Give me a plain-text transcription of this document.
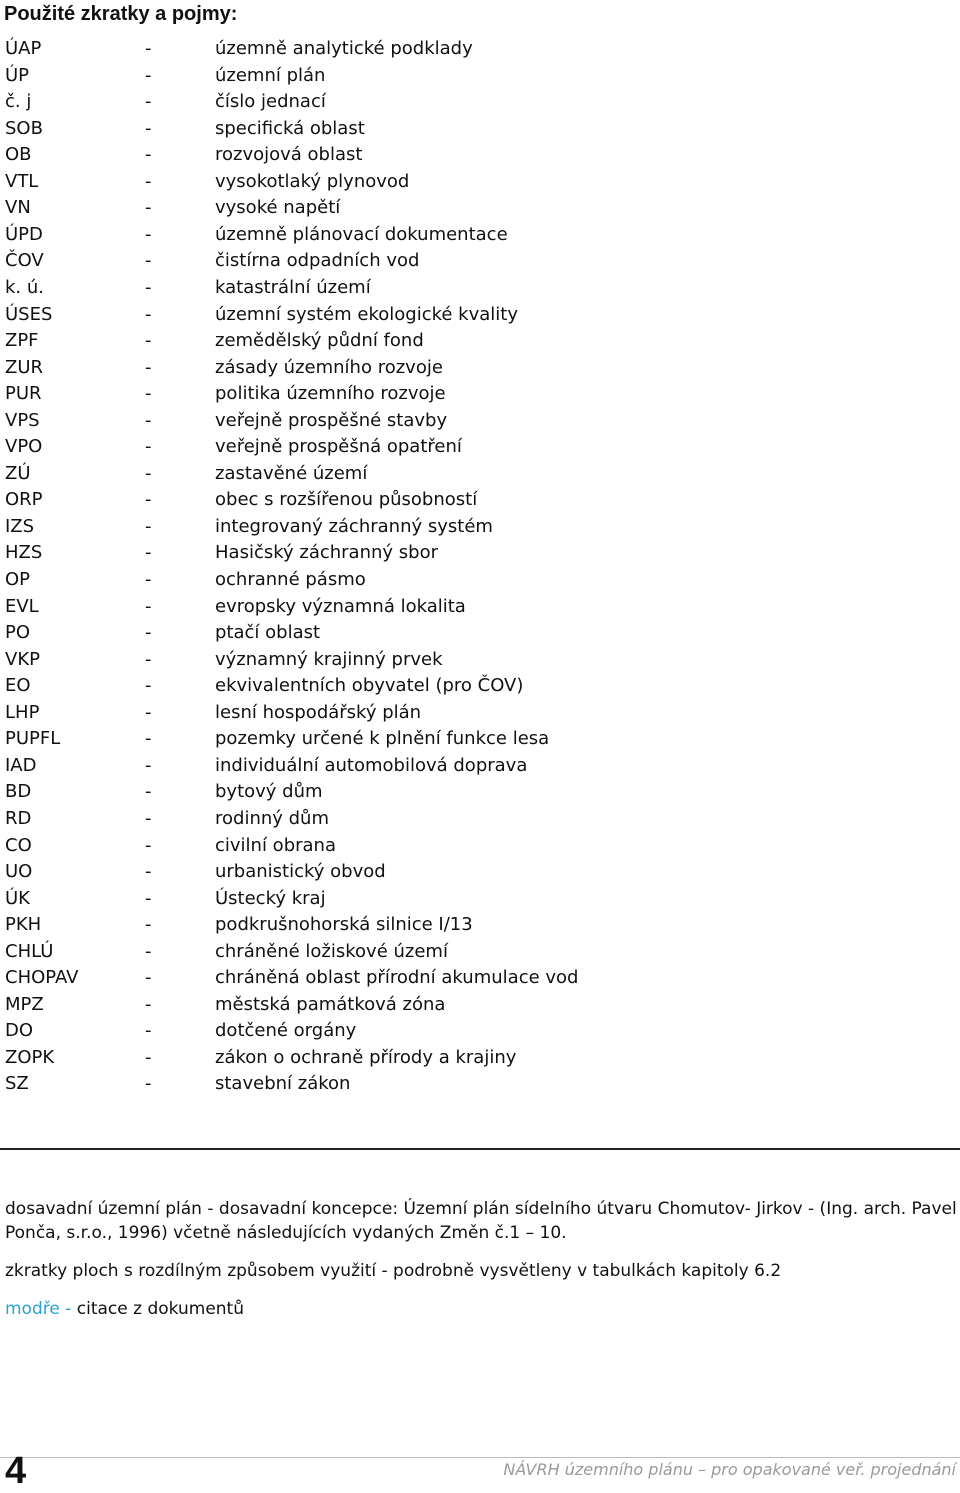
Použité zkratky a pojmy:
ÚAP	-	územně analytické podklady
ÚP	-	územní plán
č. j	-	číslo jednací
SOB	-	specifická oblast
OB	-	rozvojová oblast
VTL	-	vysokotlaký plynovod
VN	-	vysoké napětí
ÚPD	-	územně plánovací dokumentace
ČOV	-	čistírna odpadních vod
k. ú.	-	katastrální území
ÚSES	-	územní systém ekologické kvality
ZPF	-	zemědělský půdní fond
ZUR	-	zásady územního rozvoje
PUR	-	politika územního rozvoje
VPS	-	veřejně prospěšné stavby
VPO	-	veřejně prospěšná opatření
ZÚ	-	zastavěné území
ORP	-	obec s rozšířenou působností
IZS	-	integrovaný záchranný systém
HZS	-	Hasičský záchranný sbor
OP	-	ochranné pásmo
EVL	-	evropsky významná lokalita
PO	-	ptačí oblast
VKP	-	významný krajinný prvek
EO	-	ekvivalentních obyvatel (pro ČOV)
LHP	-	lesní hospodářský plán
PUPFL	-	pozemky určené k plnění funkce lesa
IAD	-	individuální automobilová doprava
BD	-	bytový dům
RD	-	rodinný dům
CO	-	civilní obrana
UO	-	urbanistický obvod
ÚK	-	Ústecký kraj
PKH	-	podkrušnohorská silnice I/13
CHLÚ	-	chráněné ložiskové území
CHOPAV	-	chráněná oblast přírodní akumulace vod
MPZ	-	městská památková zóna
DO	-	dotčené orgány
ZOPK	-	zákon o ochraně přírody a krajiny
SZ	-	stavební zákon

dosavadní územní plán - dosavadní koncepce: Územní plán sídelního útvaru Chomutov- Jirkov - (Ing. arch. Pavel Ponča, s.r.o., 1996) včetně následujících vydaných Změn č.1 – 10.

zkratky ploch s rozdílným způsobem využití - podrobně vysvětleny v tabulkách kapitoly 6.2

modře - citace z dokumentů

4	NÁVRH územního plánu – pro opakované veř. projednání
